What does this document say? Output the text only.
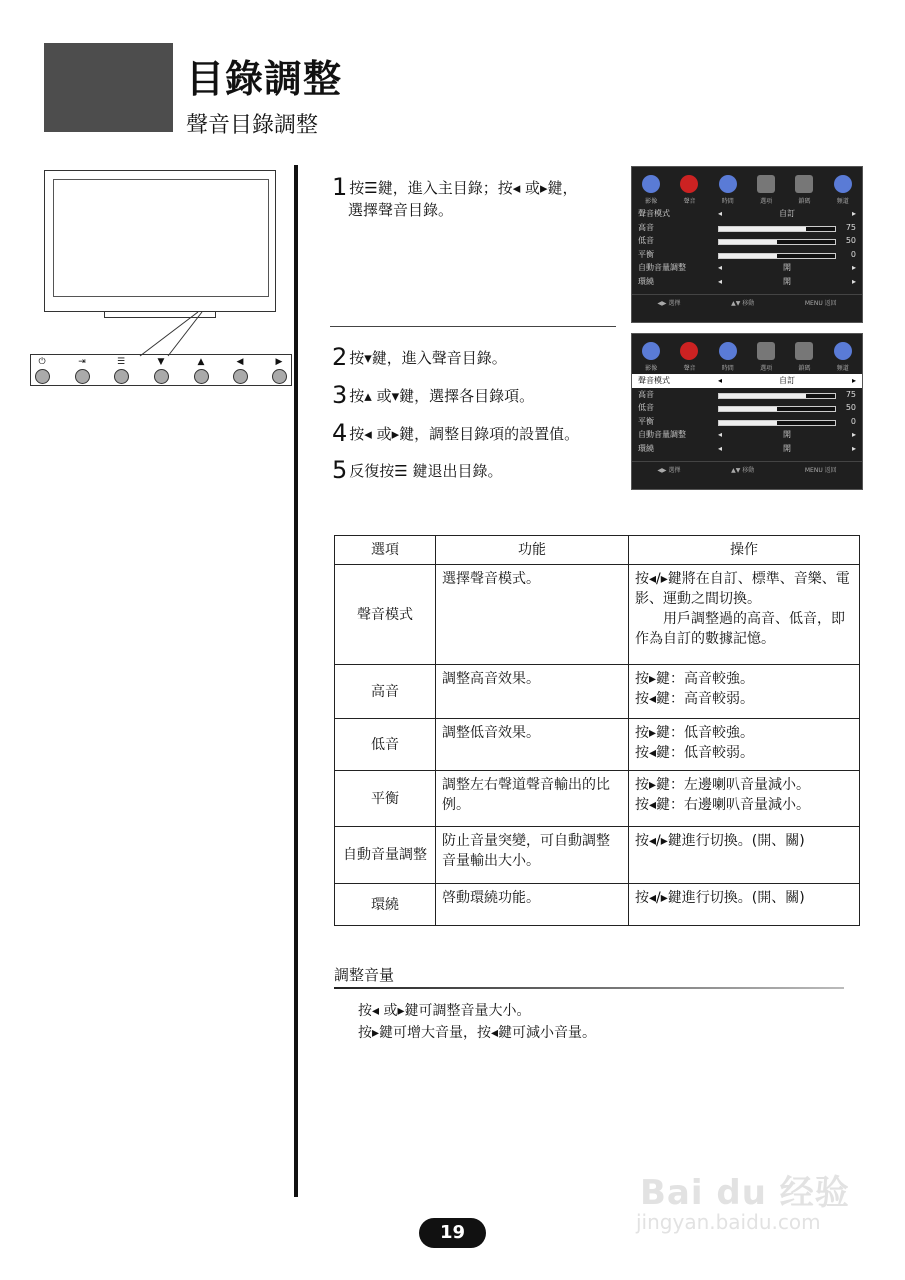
目錄調整
聲音目錄調整
⏻	⇥	☰	▼	▲	◀	▶
1 按☰鍵，進入主目錄；按◂ 或▸鍵，
選擇聲音目錄。
2 按▾鍵，進入聲音目錄。
3 按▴ 或▾鍵，選擇各目錄項。
4 按◂ 或▸鍵，調整目錄項的設置值。
5 反復按☰ 鍵退出目錄。
影像	聲音	時間	選項	鎖碼	頻道
聲音模式	◂	自訂	▸
高音	75
低音	50
平衡	0
自動音量調整	◂	開	▸
環繞	◂	開	▸
◀▶ 選擇	▲▼ 移動	MENU 返回
影像	聲音	時間	選項	鎖碼	頻道
聲音模式	◂	自訂	▸
高音	75
低音	50
平衡	0
自動音量調整	◂	開	▸
環繞	◂	開	▸
◀▶ 選擇	▲▼ 移動	MENU 返回
選項	功能	操作
聲音模式	選擇聲音模式。	按◂/▸鍵將在自訂、標準、音樂、電影、運動之間切換。
用戶調整過的高音、低音，即作為自訂的數據記憶。

高音	調整高音效果。	按▸鍵：高音較強。
按◂鍵：高音較弱。

低音	調整低音效果。	按▸鍵：低音較強。
按◂鍵：低音較弱。

平衡	調整左右聲道聲音輸出的比例。	按▸鍵：左邊喇叭音量減小。
按◂鍵：右邊喇叭音量減小。

自動音量調整	防止音量突變，可自動調整音量輸出大小。	按◂/▸鍵進行切換。(開、關)

環繞	啓動環繞功能。	按◂/▸鍵進行切換。(開、關)
調整音量
按◂ 或▸鍵可調整音量大小。
按▸鍵可增大音量，按◂鍵可減小音量。
19
Bai du 经验
jingyan.baidu.com
